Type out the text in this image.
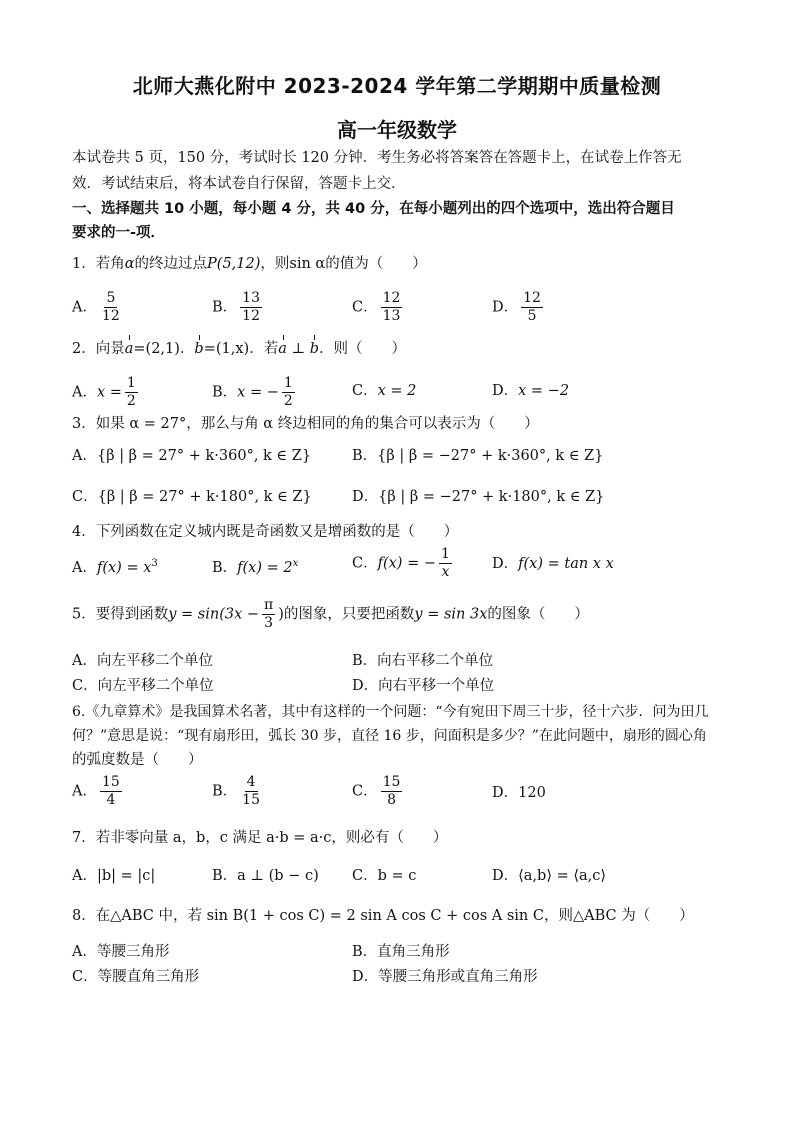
北师大燕化附中 2023-2024 学年第二学期期中质量检测
高一年级数学
本试卷共 5 页，150 分，考试时长 120 分钟．考生务必将答案答在答题卡上，在试卷上作答无
效．考试结束后，将本试卷自行保留，答题卡上交．
一、选择题共 10 小题，每小题 4 分，共 40 分，在每小题列出的四个选项中，选出符合题目
要求的一-项．
1．若角α的终边过点P(5,12)，则sin α的值为（　　）
A． $\frac{5}{12}$	B． $\frac{13}{12}$	C． $\frac{12}{13}$	D． $\frac{12}{5}$
2．向景a=(2,1)．b=(1,x)．若a ⊥ b．则（　　）
A．$x = \frac{1}{2}$	B．x = − $\frac{1}{2}$	C．x = 2	D．x = −2
3．如果 α = 27°，那么与角 α 终边相同的角的集合可以表示为（　　）
A．{β | β = 27° + k·360°, k ∈ Z}	B．{β | β = −27° + k·360°, k ∈ Z}
C．{β | β = 27° + k·180°, k ∈ Z}	D．{β | β = −27° + k·180°, k ∈ Z}
4．下列函数在定义城内既是奇函数又是增函数的是（　　）
A．$f(x) = x^3$	B．$f(x) = 2^x$	C．f(x) = − $\frac{1}{x}$	D．f(x) = tan x x
5．要得到函数$y = \sin(3x - \frac{\pi}{3}$ )的图象，只要把函数y = sin 3x的图象（　　）
A．向左平移二个单位	B．向右平移二个单位
C．向左平移二个单位	D．向右平移一个单位
6.《九章算术》是我国算术名著，其中有这样的一个问题：“今有宛田下周三十步，径十六步．问为田几
何？”意思是说：“现有扇形田，弧长 30 步，直径 16 步，问面积是多少？”在此问题中，扇形的圆心角
的弧度数是（　　）
A． $\frac{15}{4}$	B． $\frac{4}{15}$	C． $\frac{15}{8}$	D．120
7．若非零向量 a，b，c 满足 a·b = a·c，则必有（　　）
A．|b| = |c|	B．a ⊥ (b − c) C．b = c	D．⟨a,b⟩ = ⟨a,c⟩
8．在△ABC 中，若 sin B(1 + cos C) = 2 sin A cos C + cos A sin C，则△ABC 为（　　）
A．等腰三角形	B．直角三角形
C．等腰直角三角形	D．等腰三角形或直角三角形
